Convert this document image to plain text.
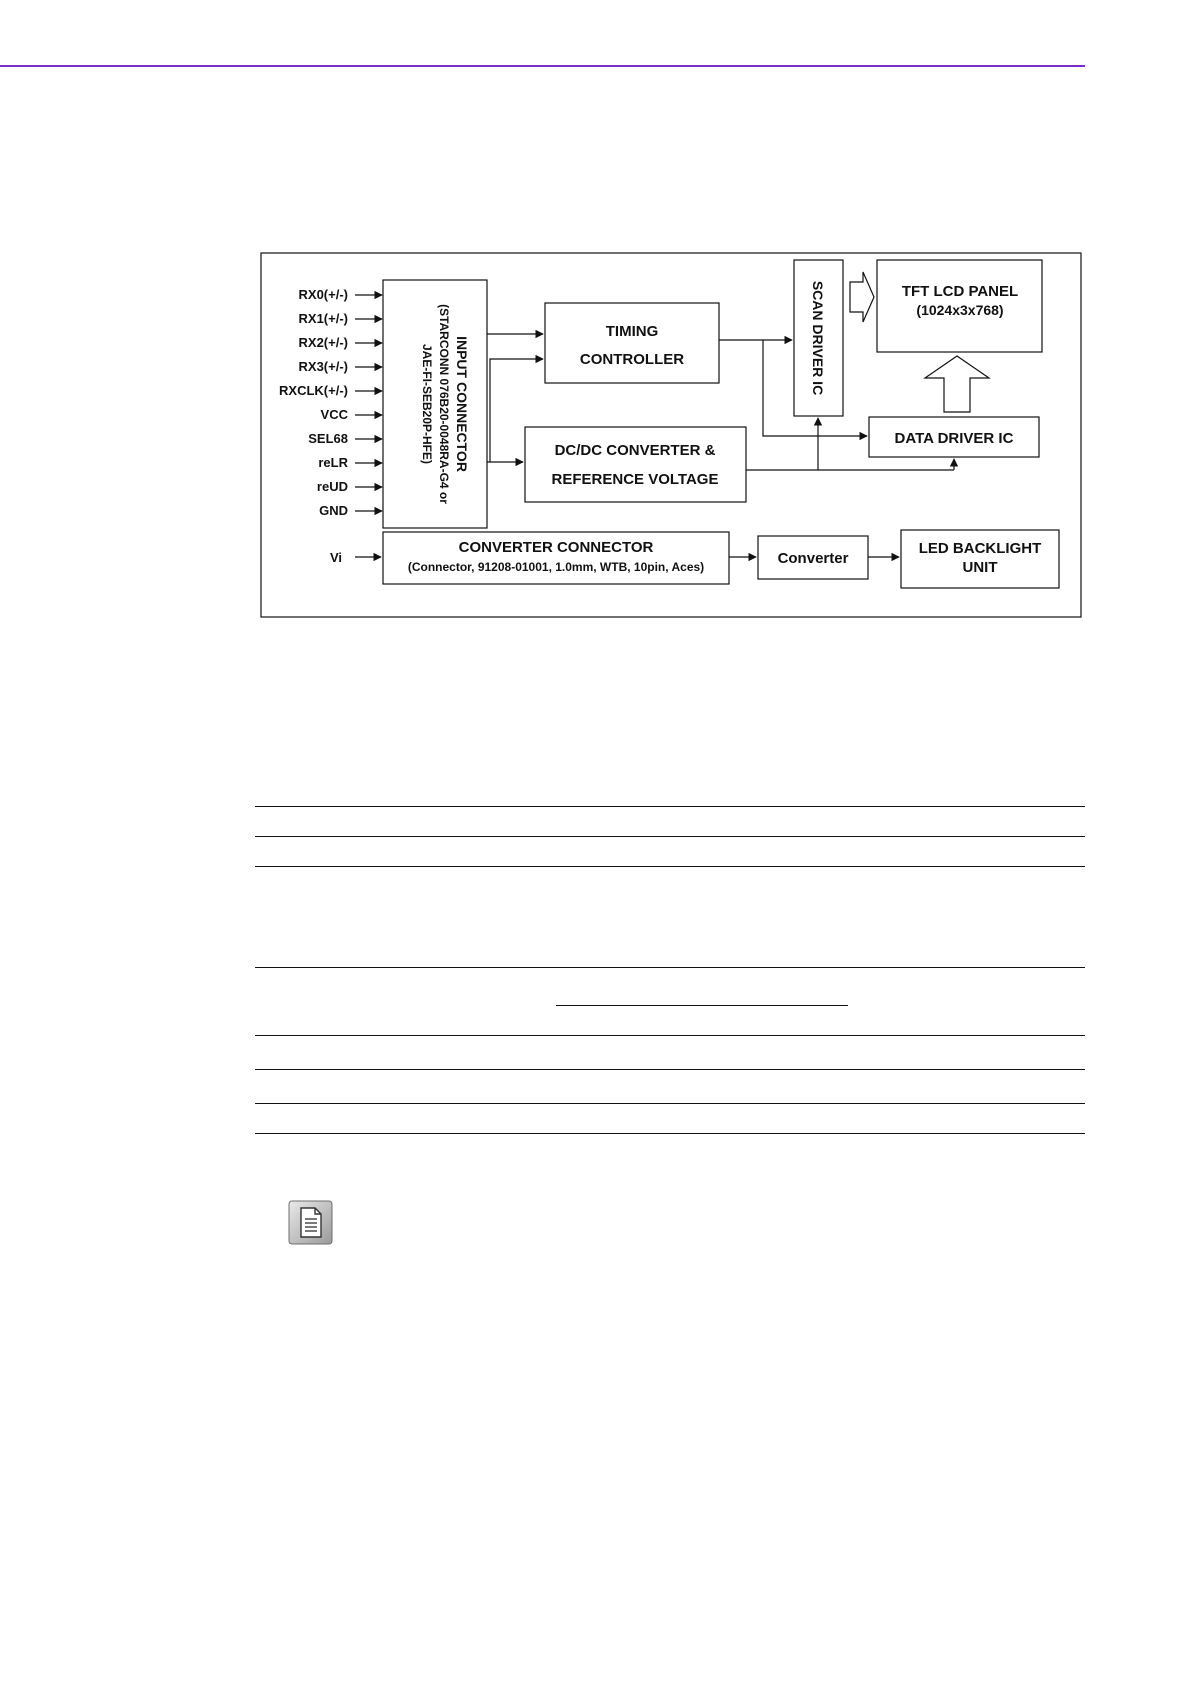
RX0(+/-)
RX1(+/-)
RX2(+/-)
RX3(+/-)
RXCLK(+/-)
VCC
SEL68
reLR
reUD
GND
INPUT CONNECTOR
(STARCONN 076B20-0048RA-G4 or
JAE-FI-SEB20P-HFE)
TIMING
CONTROLLER
DC/DC CONVERTER &
REFERENCE VOLTAGE
SCAN DRIVER IC	TFT LCD PANEL
(1024x3x768)
DATA DRIVER IC
Vi
CONVERTER CONNECTOR
(Connector, 91208-01001, 1.0mm, WTB, 10pin, Aces)	Converter
LED BACKLIGHT
UNIT
